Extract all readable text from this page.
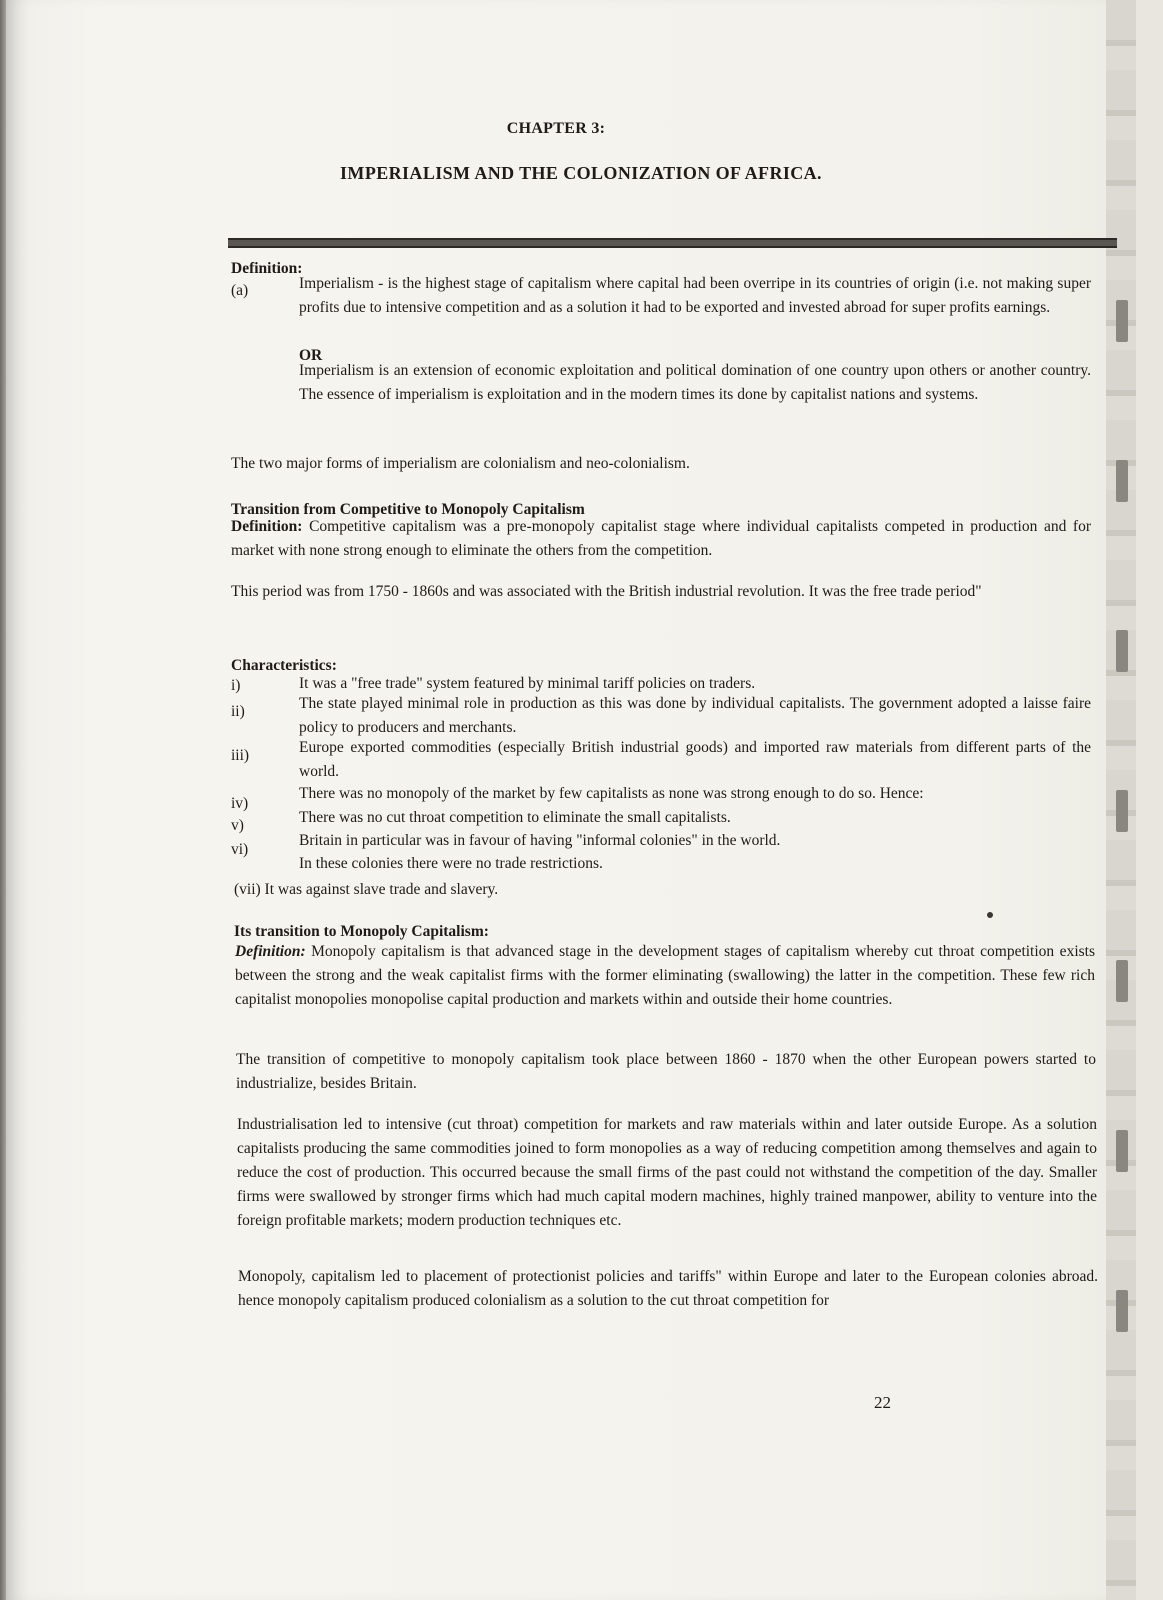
CHAPTER 3:
IMPERIALISM AND THE COLONIZATION OF AFRICA.
Definition:
(a)	Imperialism - is the highest stage of capitalism where capital had been overripe in its countries of origin (i.e. not making super profits due to intensive competition and as a solution it had to be exported and invested abroad for super profits earnings.
OR
Imperialism is an extension of economic exploitation and political domination of one country upon others or another country. The essence of imperialism is exploitation and in the modern times its done by capitalist nations and systems.
The two major forms of imperialism are colonialism and neo-colonialism.
Transition from Competitive to Monopoly Capitalism
Definition: Competitive capitalism was a pre-monopoly capitalist stage where individual capitalists competed in production and for market with none strong enough to eliminate the others from the competition.
This period was from 1750 - 1860s and was associated with the British industrial revolution. It was the free trade period"
Characteristics:
i)	It was a "free trade" system featured by minimal tariff policies on traders.
ii)	The state played minimal role in production as this was done by individual capitalists. The government adopted a laisse faire policy to producers and merchants.
iii)	Europe exported commodities (especially British industrial goods) and imported raw materials from different parts of the world.
iv)
There was no monopoly of the market by few capitalists as none was strong enough to do so. Hence:
v)	There was no cut throat competition to eliminate the small capitalists.
vi)
Britain in particular was in favour of having "informal colonies" in the world.
In these colonies there were no trade restrictions.
(vii) It was against slave trade and slavery.
Its transition to Monopoly Capitalism:
Definition: Monopoly capitalism is that advanced stage in the development stages of capitalism whereby cut throat competition exists between the strong and the weak capitalist firms with the former eliminating (swallowing) the latter in the competition. These few rich capitalist monopolies monopolise capital production and markets within and outside their home countries.
The transition of competitive to monopoly capitalism took place between 1860 - 1870 when the other European powers started to industrialize, besides Britain.
Industrialisation led to intensive (cut throat) competition for markets and raw materials within and later outside Europe. As a solution capitalists producing the same commodities joined to form monopolies as a way of reducing competition among themselves and again to reduce the cost of production. This occurred because the small firms of the past could not withstand the competition of the day. Smaller firms were swallowed by stronger firms which had much capital modern machines, highly trained manpower, ability to venture into the foreign profitable markets; modern production techniques etc.
Monopoly, capitalism led to placement of protectionist policies and tariffs" within Europe and later to the European colonies abroad. hence monopoly capitalism produced colonialism as a solution to the cut throat competition for
22
